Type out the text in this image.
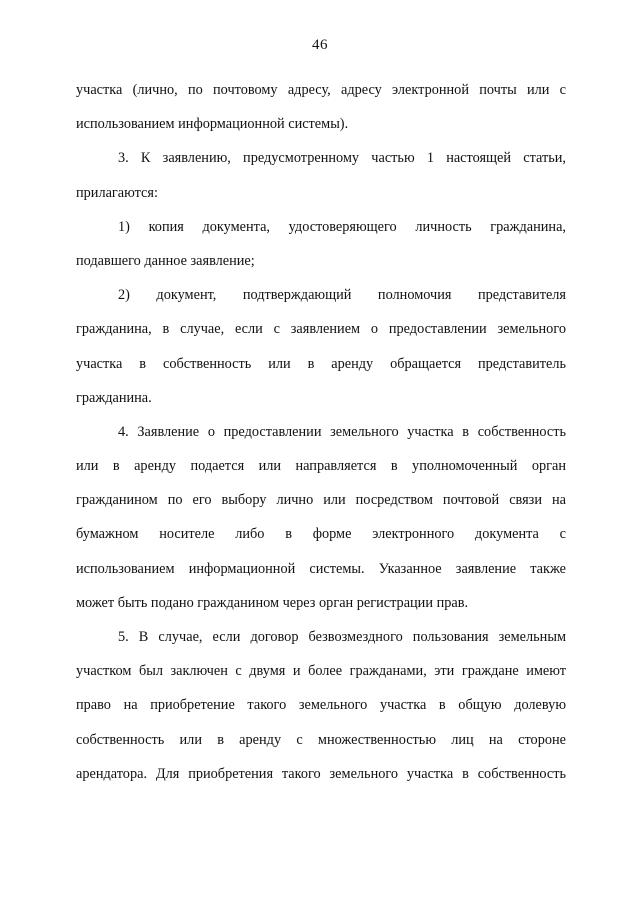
46
участка (лично, по почтовому адресу, адресу электронной почты или с
использованием информационной системы).
3. К заявлению, предусмотренному частью 1 настоящей статьи,
прилагаются:
1) копия документа, удостоверяющего личность гражданина,
подавшего данное заявление;
2) документ, подтверждающий полномочия представителя
гражданина, в случае, если с заявлением о предоставлении земельного
участка в собственность или в аренду обращается представитель
гражданина.
4. Заявление о предоставлении земельного участка в собственность
или в аренду подается или направляется в уполномоченный орган
гражданином по его выбору лично или посредством почтовой связи на
бумажном носителе либо в форме электронного документа с
использованием информационной системы. Указанное заявление также
может быть подано гражданином через орган регистрации прав.
5. В случае, если договор безвозмездного пользования земельным
участком был заключен с двумя и более гражданами, эти граждане имеют
право на приобретение такого земельного участка в общую долевую
собственность или в аренду с множественностью лиц на стороне
арендатора. Для приобретения такого земельного участка в собственность
